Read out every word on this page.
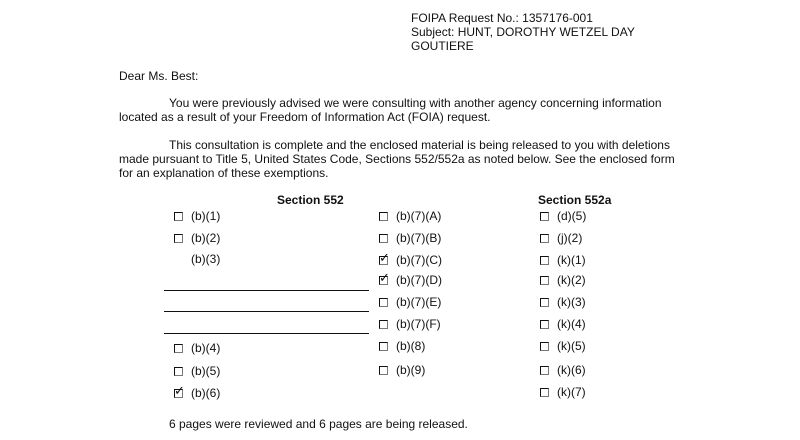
FOIPA Request No.: 1357176-001
Subject: HUNT, DOROTHY WETZEL DAY
GOUTIERE
Dear Ms. Best:
You were previously advised we were consulting with another agency concerning information
located as a result of your Freedom of Information Act (FOIA) request.
This consultation is complete and the enclosed material is being released to you with deletions
made pursuant to Title 5, United States Code, Sections 552/552a as noted below. See the enclosed form
for an explanation of these exemptions.
Section 552	Section 552a
(b)(1)
(b)(2)
(b)(3)
(b)(4)
(b)(5)
✓ (b)(6)
(b)(7)(A)
(b)(7)(B)
✓ (b)(7)(C)
✓ (b)(7)(D)
(b)(7)(E)
(b)(7)(F)
(b)(8)
(b)(9)
(d)(5)
(j)(2)
(k)(1)
(k)(2)
(k)(3)
(k)(4)
(k)(5)
(k)(6)
(k)(7)
6 pages were reviewed and 6 pages are being released.
